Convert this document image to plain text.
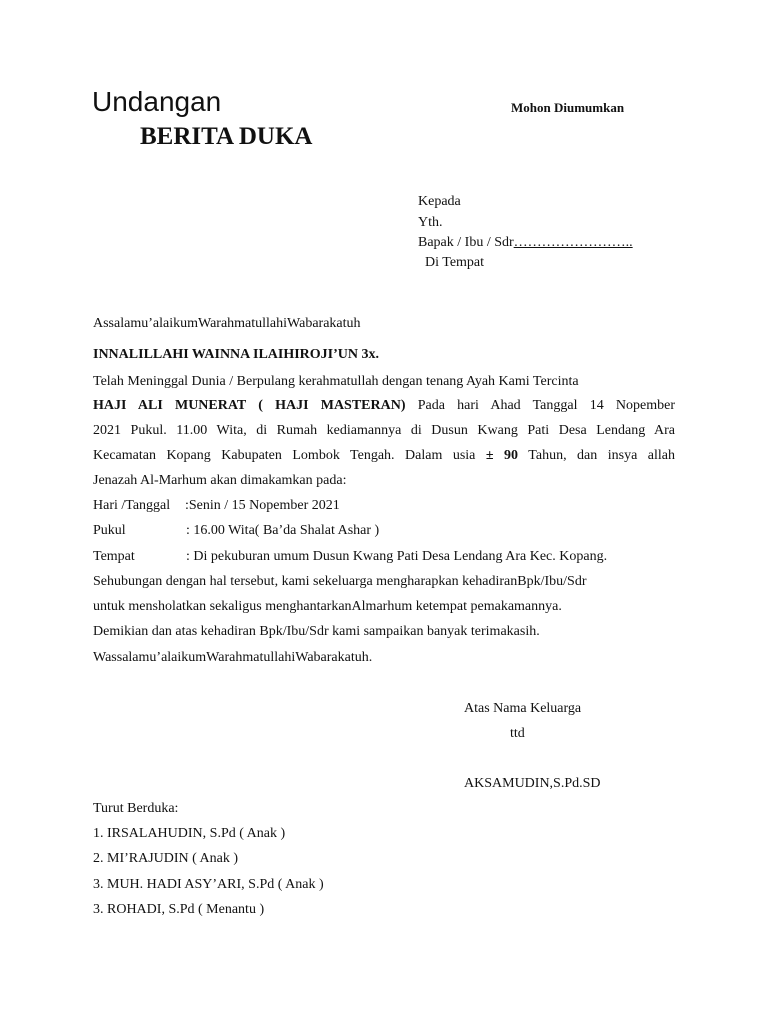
Undangan	Mohon Diumumkan
BERITA DUKA
Kepada
Yth.
Bapak / Ibu / Sdr……………………..
Di Tempat
Assalamu’alaikumWarahmatullahiWabarakatuh
INNALILLAHI WAINNA ILAIHIROJI’UN 3x.
Telah Meninggal Dunia / Berpulang kerahmatullah dengan tenang Ayah Kami Tercinta
HAJI ALI MUNERAT ( HAJI MASTERAN) Pada hari Ahad Tanggal 14 Nopember
2021 Pukul. 11.00 Wita, di Rumah kediamannya di Dusun Kwang Pati Desa Lendang Ara
Kecamatan Kopang Kabupaten Lombok Tengah. Dalam usia ± 90 Tahun, dan insya allah
Jenazah Al-Marhum akan dimakamkan pada:
Hari /Tanggal :Senin / 15 Nopember 2021
Pukul	: 16.00 Wita( Ba’da Shalat Ashar )
Tempat	: Di pekuburan umum Dusun Kwang Pati Desa Lendang Ara Kec. Kopang.
Sehubungan dengan hal tersebut, kami sekeluarga mengharapkan kehadiranBpk/Ibu/Sdr
untuk mensholatkan sekaligus menghantarkanAlmarhum ketempat pemakamannya.
Demikian dan atas kehadiran Bpk/Ibu/Sdr kami sampaikan banyak terimakasih.
Wassalamu’alaikumWarahmatullahiWabarakatuh.
Atas Nama Keluarga
ttd
AKSAMUDIN,S.Pd.SD
Turut Berduka:
1. IRSALAHUDIN, S.Pd ( Anak )
2. MI’RAJUDIN ( Anak )
3. MUH. HADI ASY’ARI, S.Pd ( Anak )
3. ROHADI, S.Pd ( Menantu )
